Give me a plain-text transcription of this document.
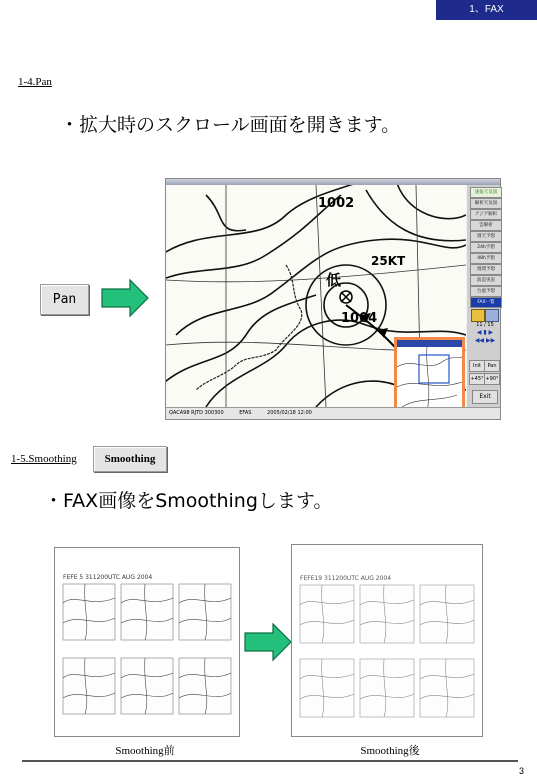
1、FAX
1-4.Pan
・拡大時のスクロール画面を開きます。
Pan
1002
1004
25KT
低
速報天気図
解析天気図
アジア解析
雲解析
週天予想
24h予想
48h予想
週間予想
波浪実況
台風予想
FAX一覧
11 / 15
◀ ▮ ▶
◀◀ ▶▶
Init	Pan
+45° +90°
Exit
QACA98 RJTD 300300	EFAS	2005/02/18 12:00
1-5.Smoothing	Smoothing
・FAX画像をSmoothingします。
FEFE 5 311200UTC AUG 2004	FEFE19 311200UTC AUG 2004
Smoothing前	Smoothing後
3
